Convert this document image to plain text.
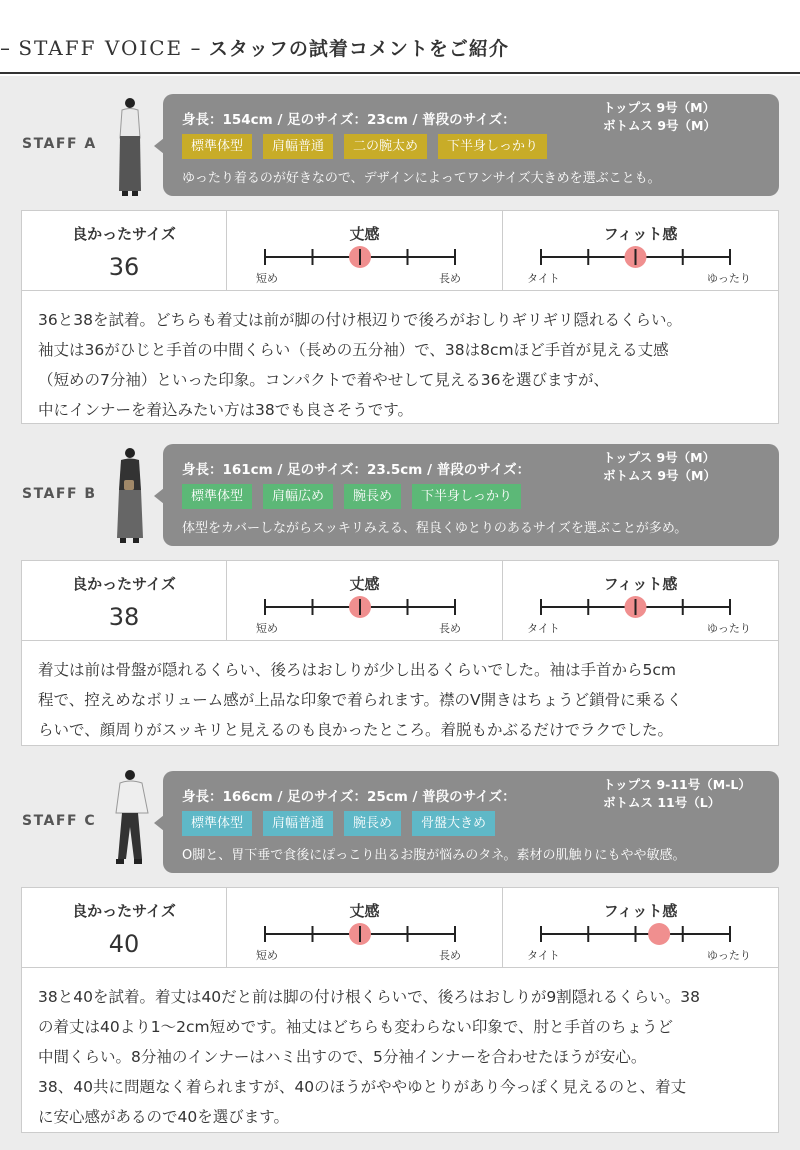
– STAFF VOICE – スタッフの試着コメントをご紹介
STAFF A
身長：154cm / 足のサイズ：23cm / 普段のサイズ：
トップス 9号（M）
ボトムス 9号（M）
標準体型	肩幅普通	二の腕太め	下半身しっかり
ゆったり着るのが好きなので、デザインによってワンサイズ大きめを選ぶことも。
良かったサイズ
36
丈感
短め	長め
フィット感
タイト	ゆったり

36と38を試着。どちらも着丈は前が脚の付け根辺りで後ろがおしりギリギリ隠れるくらい。

袖丈は36がひじと手首の中間くらい（長めの五分袖）で、38は8cmほど手首が見える丈感

（短めの7分袖）といった印象。コンパクトで着やせして見える36を選びますが、

中にインナーを着込みたい方は38でも良さそうです。

STAFF B
身長：161cm / 足のサイズ：23.5cm / 普段のサイズ：
トップス 9号（M）
ボトムス 9号（M）
標準体型	肩幅広め	腕長め	下半身しっかり
体型をカバーしながらスッキリみえる、程良くゆとりのあるサイズを選ぶことが多め。
良かったサイズ
38
丈感
短め	長め
フィット感
タイト	ゆったり

着丈は前は骨盤が隠れるくらい、後ろはおしりが少し出るくらいでした。袖は手首から5cm

程で、控えめなボリューム感が上品な印象で着られます。襟のV開きはちょうど鎖骨に乗るく

らいで、顔周りがスッキリと見えるのも良かったところ。着脱もかぶるだけでラクでした。

STAFF C
身長：166cm / 足のサイズ：25cm / 普段のサイズ：
トップス 9-11号（M-L）
ボトムス 11号（L）
標準体型	肩幅普通	腕長め	骨盤大きめ
O脚と、胃下垂で食後にぽっこり出るお腹が悩みのタネ。素材の肌触りにもやや敏感。
良かったサイズ
40
丈感
短め	長め
フィット感
タイト	ゆったり

38と40を試着。着丈は40だと前は脚の付け根くらいで、後ろはおしりが9割隠れるくらい。38

の着丈は40より1〜2cm短めです。袖丈はどちらも変わらない印象で、肘と手首のちょうど

中間くらい。8分袖のインナーはハミ出すので、5分袖インナーを合わせたほうが安心。

38、40共に問題なく着られますが、40のほうがややゆとりがあり今っぽく見えるのと、着丈

に安心感があるので40を選びます。
